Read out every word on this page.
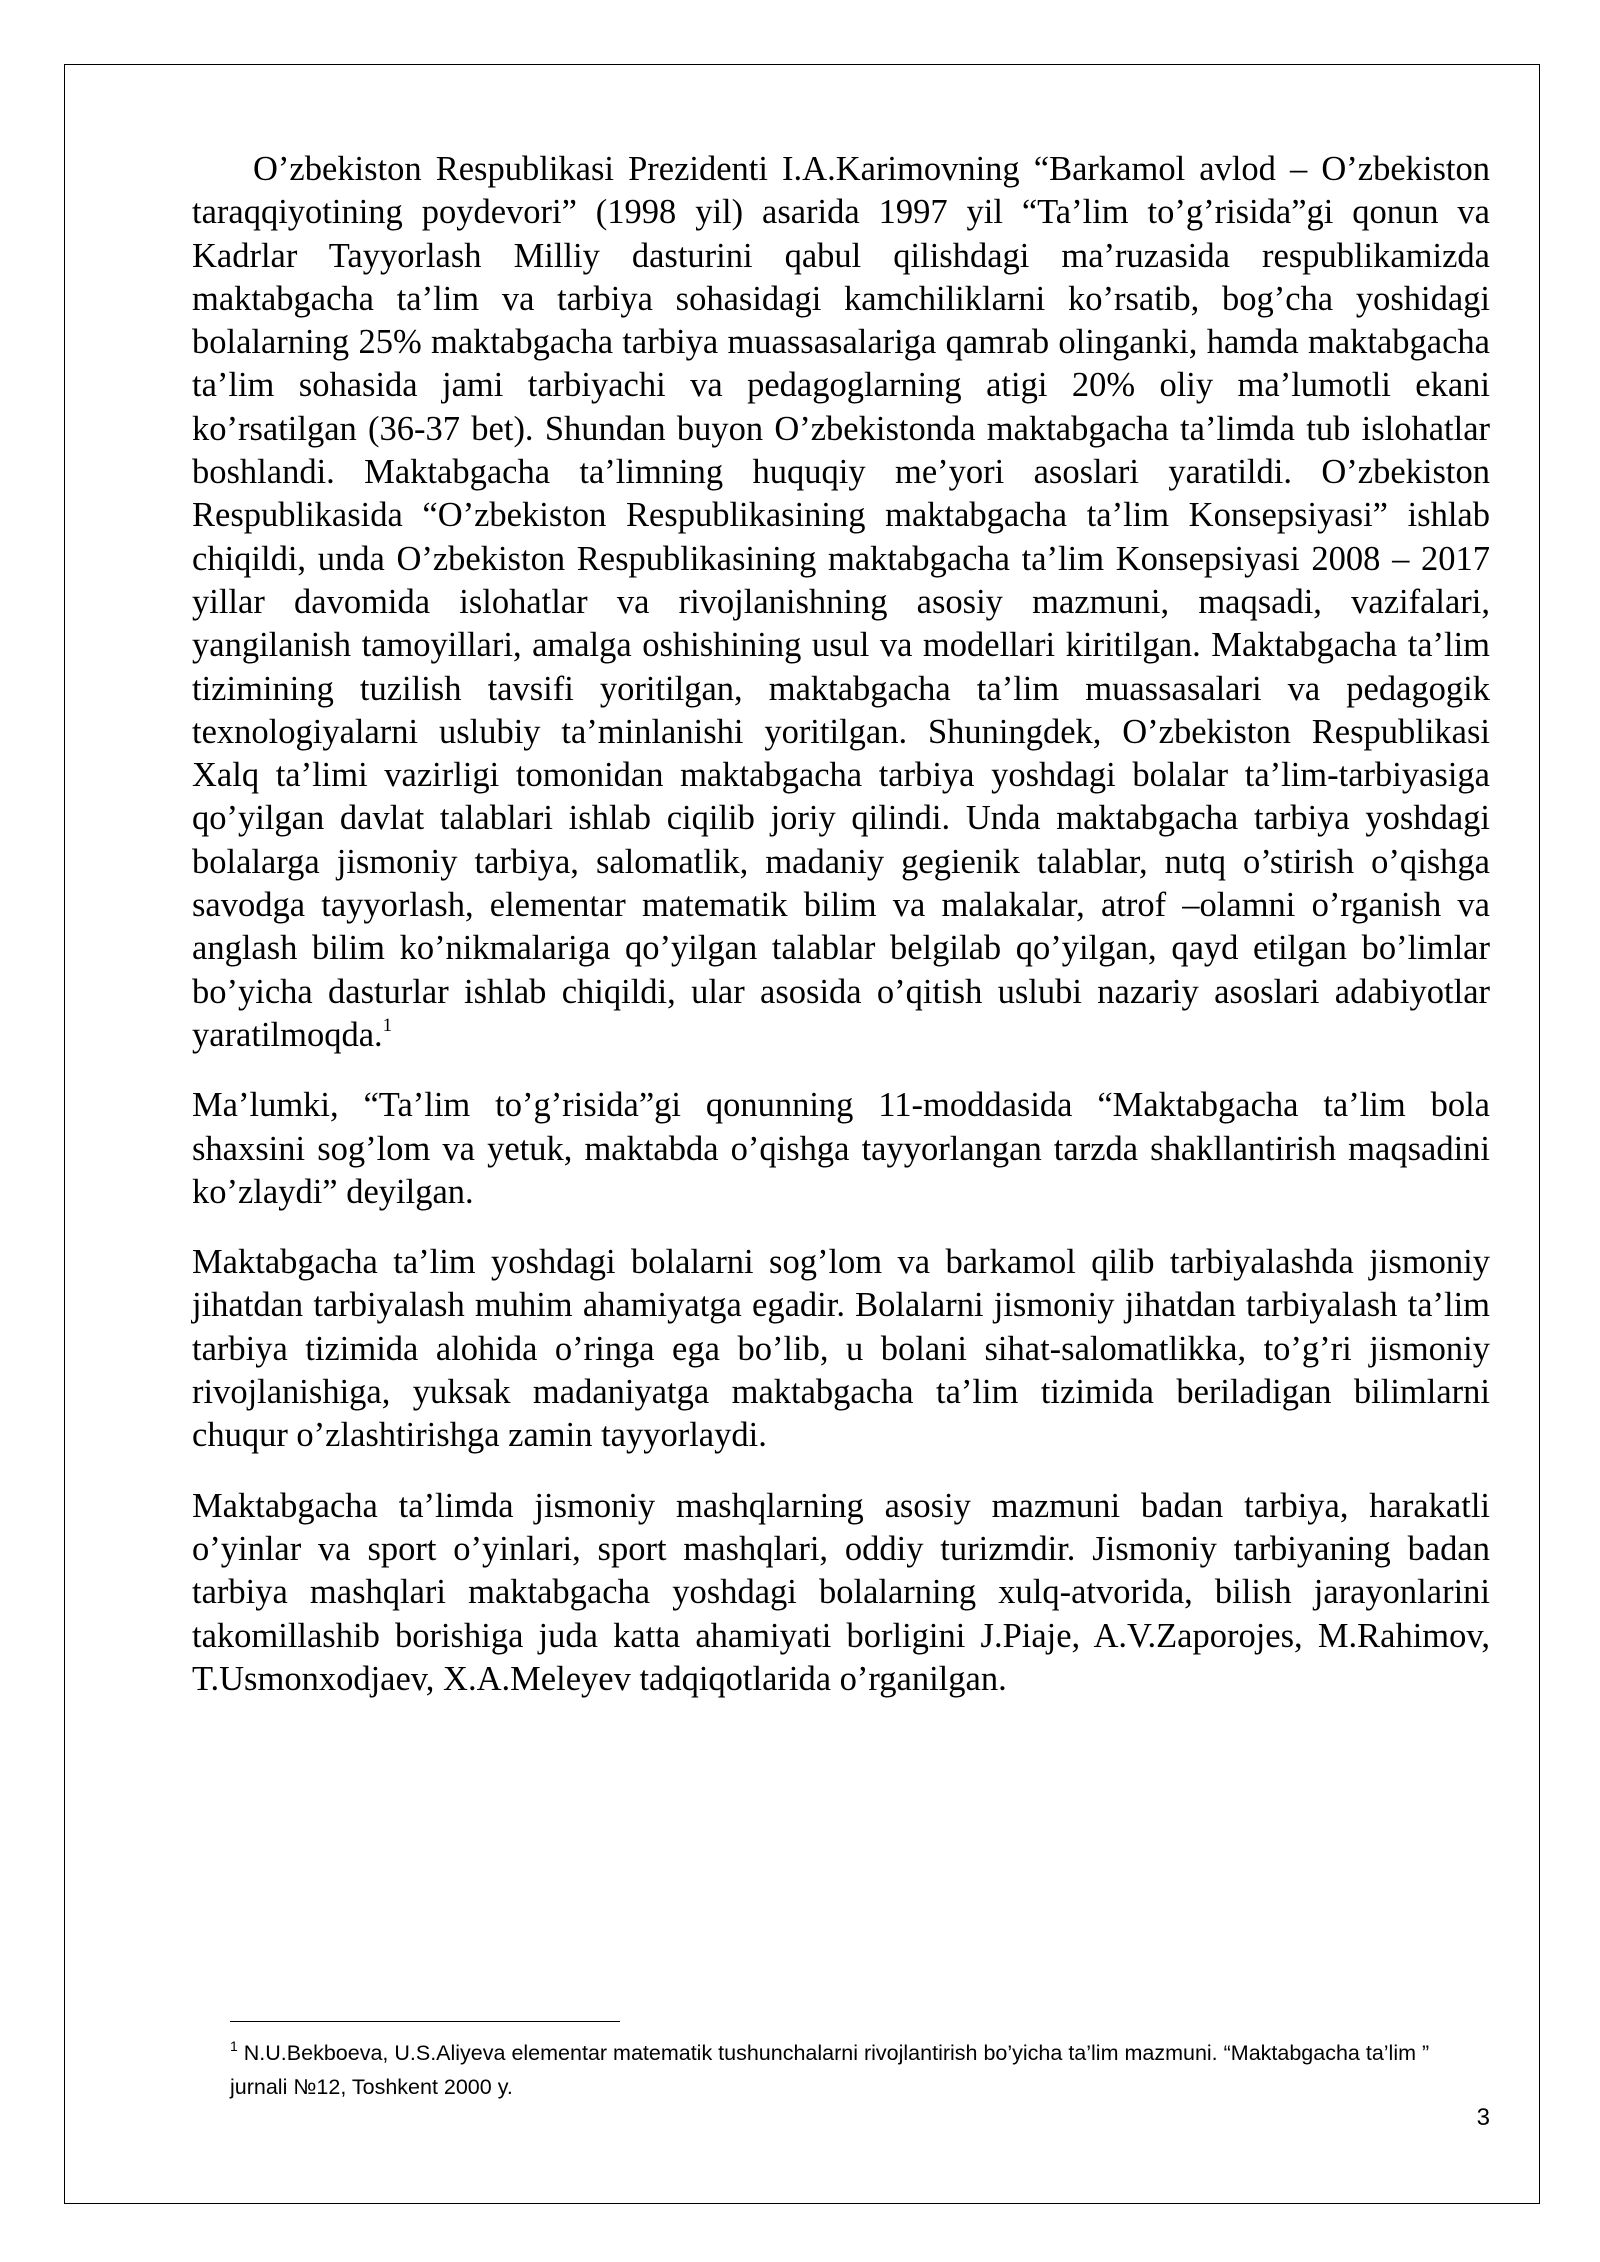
O’zbekiston Respublikasi Prezidenti I.A.Karimovning “Barkamol avlod – O’zbekiston taraqqiyotining poydevori” (1998 yil) asarida 1997 yil “Ta’lim to’g’risida”gi qonun va Kadrlar Tayyorlash Milliy dasturini qabul qilishdagi ma’ruzasida respublikamizda maktabgacha ta’lim va tarbiya sohasidagi kamchiliklarni ko’rsatib, bog’cha yoshidagi bolalarning 25% maktabgacha tarbiya muassasalariga qamrab olinganki, hamda maktabgacha ta’lim sohasida jami tarbiyachi va pedagoglarning atigi 20% oliy ma’lumotli ekani ko’rsatilgan (36-37 bet). Shundan buyon O’zbekistonda maktabgacha ta’limda tub islohatlar boshlandi. Maktabgacha ta’limning huquqiy me’yori asoslari yaratildi. O’zbekiston Respublikasida “O’zbekiston Respublikasining maktabgacha ta’lim Konsepsiyasi” ishlab chiqildi, unda O’zbekiston Respublikasining maktabgacha ta’lim Konsepsiyasi 2008 – 2017 yillar davomida islohatlar va rivojlanishning asosiy mazmuni, maqsadi, vazifalari, yangilanish tamoyillari, amalga oshishining usul va modellari kiritilgan. Maktabgacha ta’lim tizimining tuzilish tavsifi yoritilgan, maktabgacha ta’lim muassasalari va pedagogik texnologiyalarni uslubiy ta’minlanishi yoritilgan. Shuningdek, O’zbekiston Respublikasi Xalq ta’limi vazirligi tomonidan maktabgacha tarbiya yoshdagi bolalar ta’lim-tarbiyasiga qo’yilgan davlat talablari ishlab ciqilib joriy qilindi. Unda maktabgacha tarbiya yoshdagi bolalarga jismoniy tarbiya, salomatlik, madaniy gegienik talablar, nutq o’stirish o’qishga savodga tayyorlash, elementar matematik bilim va malakalar, atrof –olamni o’rganish va anglash bilim ko’nikmalariga qo’yilgan talablar belgilab qo’yilgan, qayd etilgan bo’limlar bo’yicha dasturlar ishlab chiqildi, ular asosida o’qitish uslubi nazariy asoslari adabiyotlar yaratilmoqda.$^1$

Ma’lumki, “Ta’lim to’g’risida”gi qonunning 11-moddasida “Maktabgacha ta’lim bola shaxsini sog’lom va yetuk, maktabda o’qishga tayyorlangan tarzda shakllantirish maqsadini ko’zlaydi” deyilgan.

Maktabgacha ta’lim yoshdagi bolalarni sog’lom va barkamol qilib tarbiyalashda jismoniy jihatdan tarbiyalash muhim ahamiyatga egadir. Bolalarni jismoniy jihatdan tarbiyalash ta’lim tarbiya tizimida alohida o’ringa ega bo’lib, u bolani sihat-salomatlikka, to’g’ri jismoniy rivojlanishiga, yuksak madaniyatga maktabgacha ta’lim tizimida beriladigan bilimlarni chuqur o’zlashtirishga zamin tayyorlaydi.

Maktabgacha ta’limda jismoniy mashqlarning asosiy mazmuni badan tarbiya, harakatli o’yinlar va sport o’yinlari, sport mashqlari, oddiy turizmdir. Jismoniy tarbiyaning badan tarbiya mashqlari maktabgacha yoshdagi bolalarning xulq-atvorida, bilish jarayonlarini takomillashib borishiga juda katta ahamiyati borligini J.Piaje, A.V.Zaporojes, M.Rahimov, T.Usmonxodjaev, X.A.Meleyev tadqiqotlarida o’rganilgan.

$^1$ N.U.Bekboeva, U.S.Aliyeva elementar matematik tushunchalarni rivojlantirish bo’yicha ta’lim mazmuni. “Maktabgacha ta’lim ” jurnali №12, Toshkent 2000 y.
3
